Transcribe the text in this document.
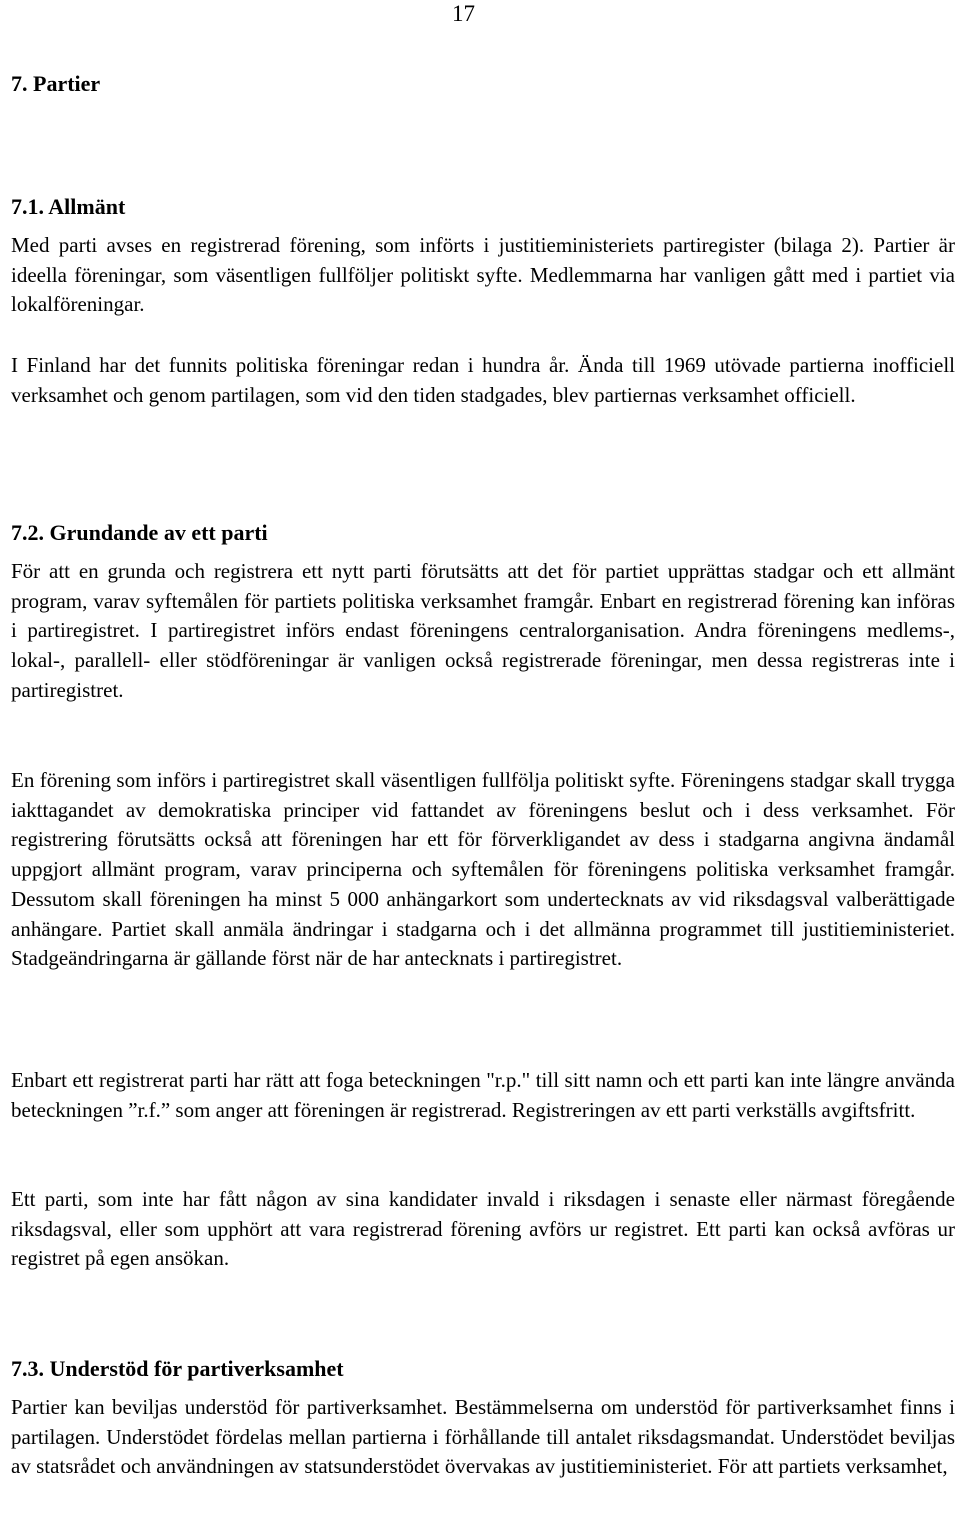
17
7. Partier
7.1. Allmänt

Med parti avses en registrerad förening, som införts i justitieministeriets partiregister (bilaga 2). Partier är ideella föreningar, som väsentligen fullföljer politiskt syfte. Medlemmarna har vanligen gått med i partiet via lokalföreningar.

I Finland har det funnits politiska föreningar redan i hundra år. Ända till 1969 utövade partierna inofficiell verksamhet och genom partilagen, som vid den tiden stadgades, blev partiernas verksamhet officiell.

7.2. Grundande av ett parti

För att en grunda och registrera ett nytt parti förutsätts att det för partiet upprättas stadgar och ett allmänt program, varav syftemålen för partiets politiska verksamhet framgår. Enbart en registrerad förening kan införas i partiregistret. I partiregistret införs endast föreningens centralorganisation. Andra föreningens medlems-, lokal-, parallell- eller stödföreningar är vanligen också registrerade föreningar, men dessa registreras inte i partiregistret.

En förening som införs i partiregistret skall väsentligen fullfölja politiskt syfte. Föreningens stadgar skall trygga iakttagandet av demokratiska principer vid fattandet av föreningens beslut och i dess verksamhet. För registrering förutsätts också att föreningen har ett för förverkligandet av dess i stadgarna angivna ändamål uppgjort allmänt program, varav principerna och syftemålen för föreningens politiska verksamhet framgår. Dessutom skall föreningen ha minst 5 000 anhängarkort som undertecknats av vid riksdagsval valberättigade anhängare. Partiet skall anmäla ändringar i stadgarna och i det allmänna programmet till justitieministeriet. Stadgeändringarna är gällande först när de har antecknats i partiregistret.

Enbart ett registrerat parti har rätt att foga beteckningen "r.p." till sitt namn och ett parti kan inte längre använda beteckningen ”r.f.” som anger att föreningen är registrerad. Registreringen av ett parti verkställs avgiftsfritt.

Ett parti, som inte har fått någon av sina kandidater invald i riksdagen i senaste eller närmast föregående riksdagsval, eller som upphört att vara registrerad förening avförs ur registret. Ett parti kan också avföras ur registret på egen ansökan.

7.3. Understöd för partiverksamhet

Partier kan beviljas understöd för partiverksamhet. Bestämmelserna om understöd för partiverksamhet finns i partilagen. Understödet fördelas mellan partierna i förhållande till antalet riksdagsmandat. Understödet beviljas av statsrådet och användningen av statsunderstödet övervakas av justitieministeriet. För att partiets verksamhet,
